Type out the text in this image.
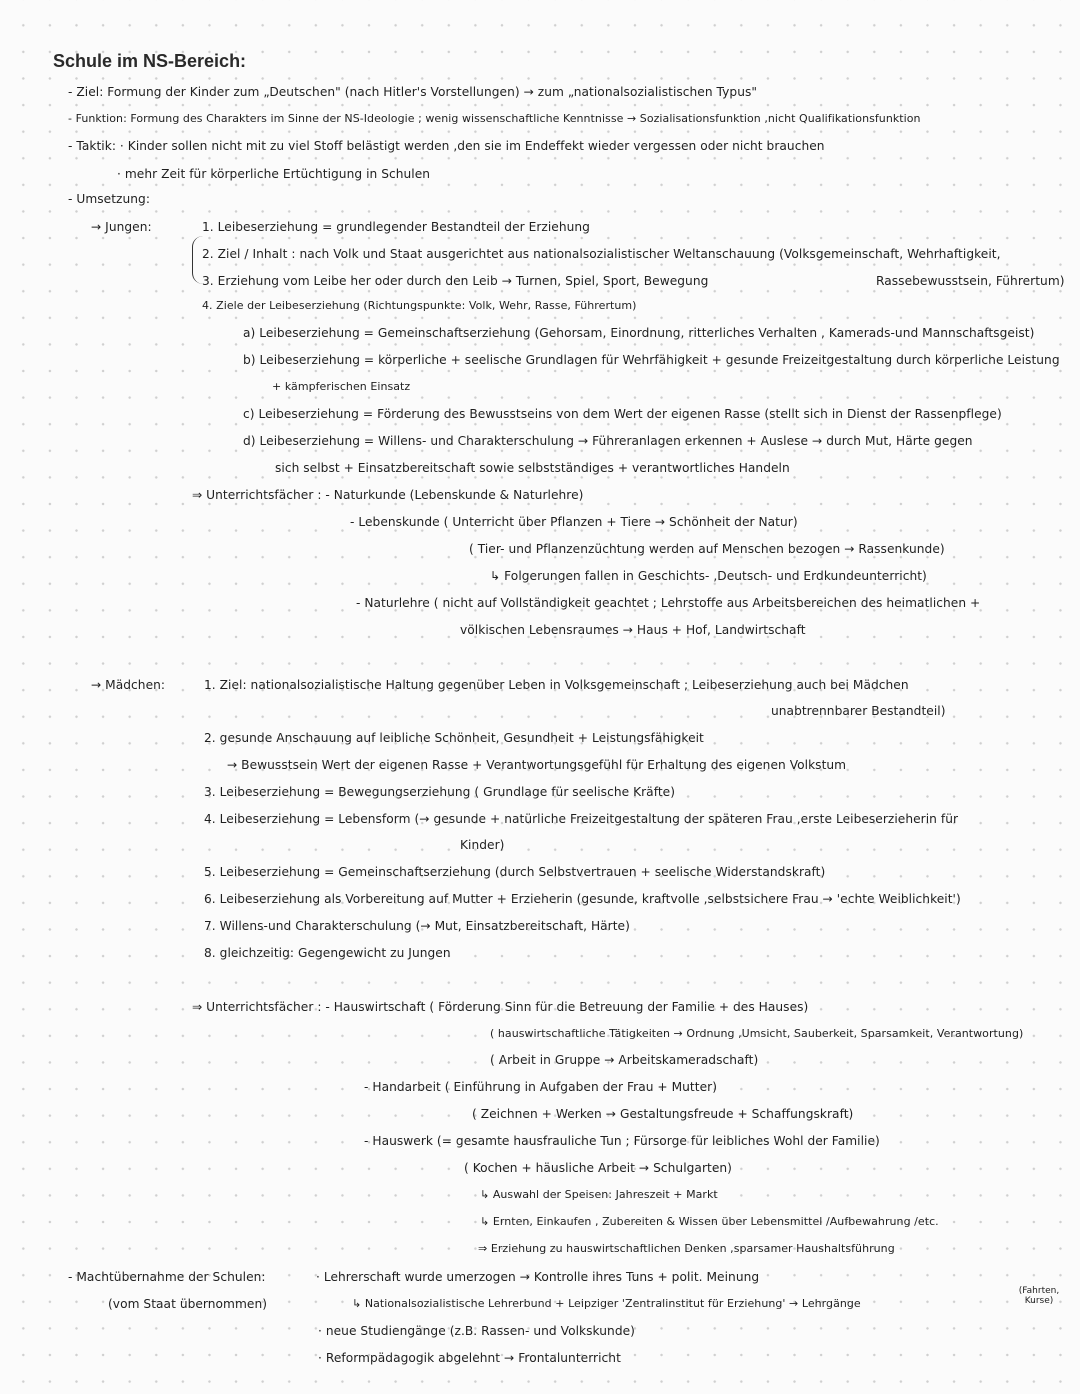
Schule im NS-Bereich:
- Ziel: Formung der Kinder zum „Deutschen" (nach Hitler's Vorstellungen) → zum „nationalsozialistischen Typus"
- Funktion: Formung des Charakters im Sinne der NS-Ideologie ; wenig wissenschaftliche Kenntnisse → Sozialisationsfunktion ,nicht Qualifikationsfunktion
- Taktik: · Kinder sollen nicht mit zu viel Stoff belästigt werden ,den sie im Endeffekt wieder vergessen oder nicht brauchen
· mehr Zeit für körperliche Ertüchtigung in Schulen
- Umsetzung:
→ Jungen:	1. Leibeserziehung = grundlegender Bestandteil der Erziehung
2. Ziel / Inhalt : nach Volk und Staat ausgerichtet aus nationalsozialistischer Weltanschauung (Volksgemeinschaft, Wehrhaftigkeit,
3. Erziehung vom Leibe her oder durch den Leib → Turnen, Spiel, Sport, Bewegung	Rassebewusstsein, Führertum)
4. Ziele der Leibeserziehung (Richtungspunkte: Volk, Wehr, Rasse, Führertum)
a) Leibeserziehung = Gemeinschaftserziehung (Gehorsam, Einordnung, ritterliches Verhalten , Kamerads-und Mannschaftsgeist)
b) Leibeserziehung = körperliche + seelische Grundlagen für Wehrfähigkeit + gesunde Freizeitgestaltung durch körperliche Leistung
+ kämpferischen Einsatz
c) Leibeserziehung = Förderung des Bewusstseins von dem Wert der eigenen Rasse (stellt sich in Dienst der Rassenpflege)
d) Leibeserziehung = Willens- und Charakterschulung → Führeranlagen erkennen + Auslese → durch Mut, Härte gegen
sich selbst + Einsatzbereitschaft sowie selbstständiges + verantwortliches Handeln
⇒ Unterrichtsfächer : - Naturkunde (Lebenskunde & Naturlehre)
- Lebenskunde ( Unterricht über Pflanzen + Tiere → Schönheit der Natur)
( Tier- und Pflanzenzüchtung werden auf Menschen bezogen → Rassenkunde)
↳ Folgerungen fallen in Geschichts- ,Deutsch- und Erdkundeunterricht)
- Naturlehre ( nicht auf Vollständigkeit geachtet ; Lehrstoffe aus Arbeitsbereichen des heimatlichen +
völkischen Lebensraumes → Haus + Hof, Landwirtschaft
→ Mädchen:	1. Ziel: nationalsozialistische Haltung gegenüber Leben in Volksgemeinschaft ; Leibeserziehung auch bei Mädchen
unabtrennbarer Bestandteil)
2. gesunde Anschauung auf leibliche Schönheit, Gesundheit + Leistungsfähigkeit
→ Bewusstsein Wert der eigenen Rasse + Verantwortungsgefühl für Erhaltung des eigenen Volkstum
3. Leibeserziehung = Bewegungserziehung ( Grundlage für seelische Kräfte)
4. Leibeserziehung = Lebensform (→ gesunde + natürliche Freizeitgestaltung der späteren Frau ,erste Leibeserzieherin für
Kinder)
5. Leibeserziehung = Gemeinschaftserziehung (durch Selbstvertrauen + seelische Widerstandskraft)
6. Leibeserziehung als Vorbereitung auf Mutter + Erzieherin (gesunde, kraftvolle ,selbstsichere Frau → 'echte Weiblichkeit')
7. Willens-und Charakterschulung (→ Mut, Einsatzbereitschaft, Härte)
8. gleichzeitig: Gegengewicht zu Jungen
⇒ Unterrichtsfächer : - Hauswirtschaft ( Förderung Sinn für die Betreuung der Familie + des Hauses)
( hauswirtschaftliche Tätigkeiten → Ordnung ,Umsicht, Sauberkeit, Sparsamkeit, Verantwortung)
( Arbeit in Gruppe → Arbeitskameradschaft)
- Handarbeit ( Einführung in Aufgaben der Frau + Mutter)
( Zeichnen + Werken → Gestaltungsfreude + Schaffungskraft)
- Hauswerk (= gesamte hausfrauliche Tun ; Fürsorge für leibliches Wohl der Familie)
( Kochen + häusliche Arbeit → Schulgarten)
↳ Auswahl der Speisen: Jahreszeit + Markt
↳ Ernten, Einkaufen , Zubereiten & Wissen über Lebensmittel /Aufbewahrung /etc.
⇒ Erziehung zu hauswirtschaftlichen Denken ,sparsamer Haushaltsführung
- Machtübernahme der Schulen:	· Lehrerschaft wurde umerzogen → Kontrolle ihres Tuns + polit. Meinung
(vom Staat übernommen)	↳ Nationalsozialistische Lehrerbund + Leipziger 'Zentralinstitut für Erziehung' → Lehrgänge
(Fahrten, Kurse)
· neue Studiengänge (z.B. Rassen- und Volkskunde)
· Reformpädagogik abgelehnt → Frontalunterricht
